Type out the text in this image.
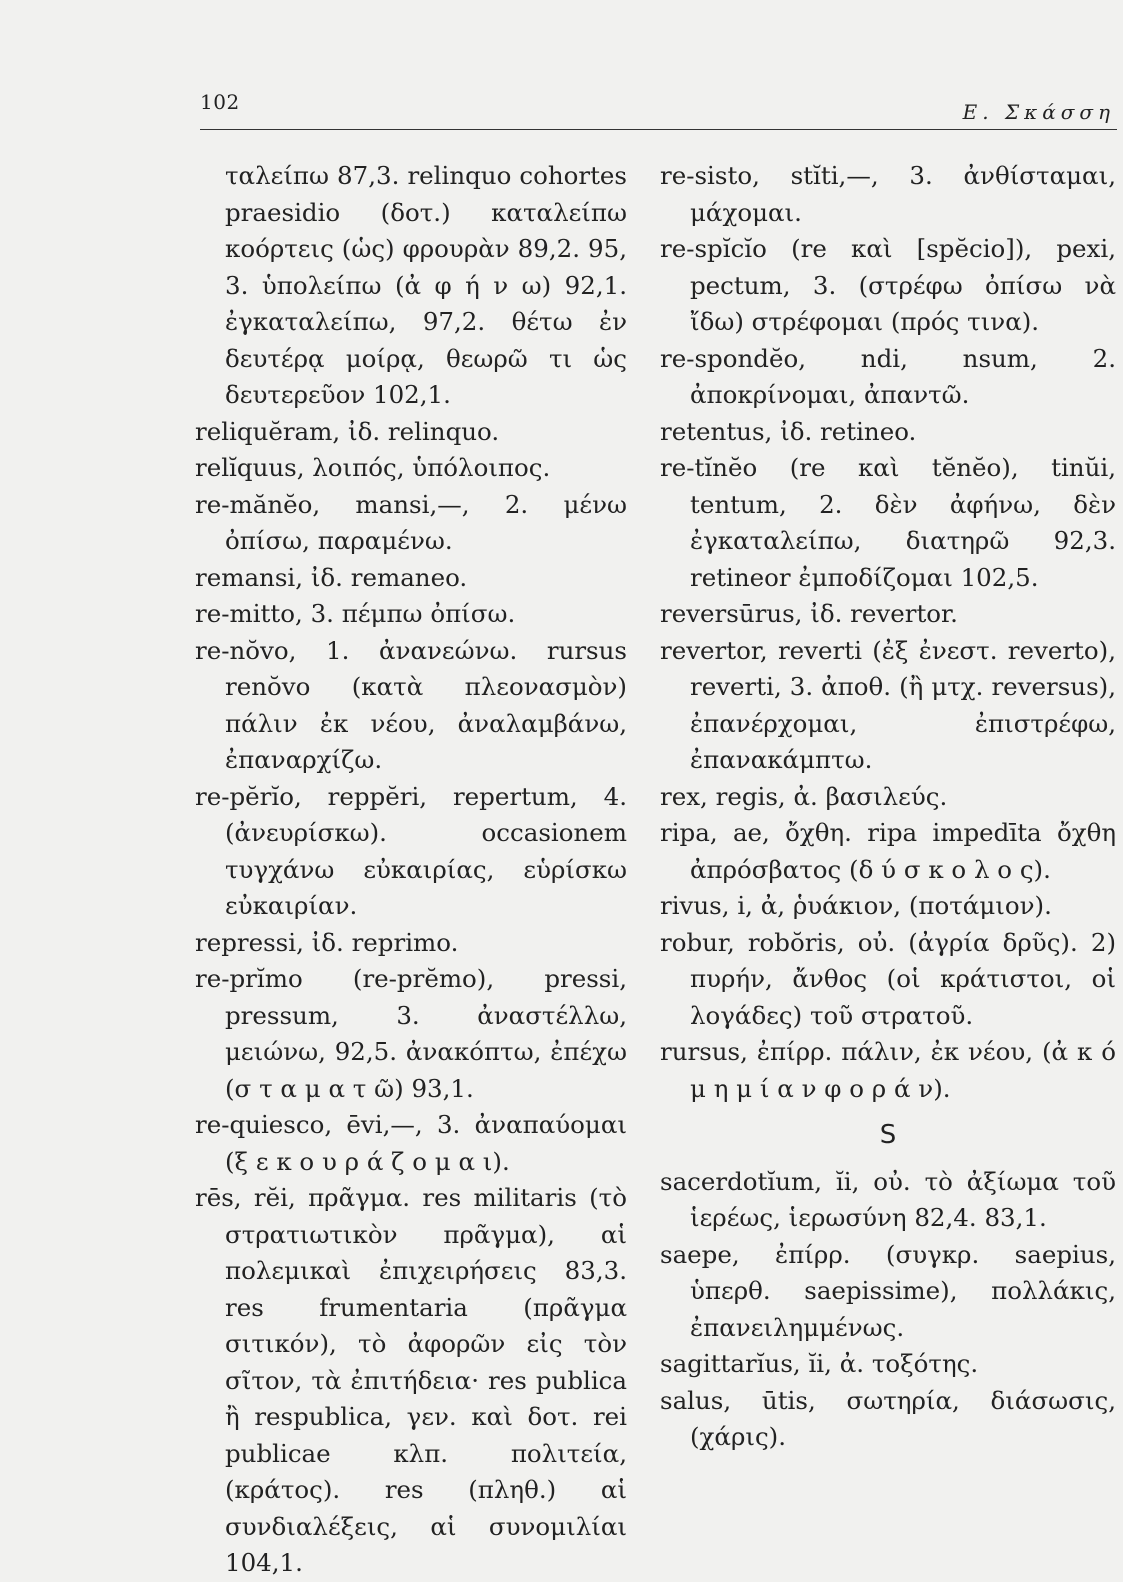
102	Ε. Σκάσση

ταλείπω 87,3. relinquo cohortes praesidio (δοτ.) καταλείπω κοόρτεις (ὡς) φρουρὰν 89,2. 95, 3. ὑπολείπω (ἀ φ ή ν ω) 92,1. ἐγκαταλείπω, 97,2. θέτω ἐν δευτέρᾳ μοίρᾳ, θεωρῶ τι ὡς δευτερεῦον 102,1.

reliquĕram, ἰδ. relinquo.

relĭquus, λοιπός, ὑπόλοιπος.

re-mănĕo, mansi,—, 2. μένω ὀπίσω, παραμένω.

remansi, ἰδ. remaneo.

re-mitto, 3. πέμπω ὀπίσω.

re-nŏvo, 1. ἀνανεώνω. rursus renŏvo (κατὰ πλεονασμὸν) πάλιν ἐκ νέου, ἀναλαμβάνω, ἐπαναρχίζω.

re-pĕrĭo, reppĕri, repertum, 4. (ἀνευρίσκω). occasionem τυγχάνω εὐκαιρίας, εὑρίσκω εὐκαιρίαν.

repressi, ἰδ. reprimo.

re-prĭmo (re-prĕmo), pressi, pressum, 3. ἀναστέλλω, μειώνω, 92,5. ἀνακόπτω, ἐπέχω (σ τ α μ α τ ῶ) 93,1.

re-quiesco, ēvi,—, 3. ἀναπαύομαι (ξ ε κ ο υ ρ ά ζ ο μ α ι).

rēs, rĕi, πρᾶγμα. res militaris (τὸ στρατιωτικὸν πρᾶγμα), αἱ πολεμικαὶ ἐπιχειρήσεις 83,3. res frumentaria (πρᾶγμα σιτικόν), τὸ ἀφορῶν εἰς τὸν σῖτον, τὰ ἐπιτήδεια· res publica ἢ respublica, γεν. καὶ δοτ. rei publicae κλπ. πολιτεία, (κράτος). res (πληθ.) αἱ συνδιαλέξεις, αἱ συνομιλίαι 104,1.

re-sisto, stĭti,—, 3. ἀνθίσταμαι, μάχομαι.

re-spĭcĭo (re καὶ [spĕcio]), pexi, pectum, 3. (στρέφω ὀπίσω νὰ ἴδω) στρέφομαι (πρός τινα).

re-spondĕo, ndi, nsum, 2. ἀποκρίνομαι, ἀπαντῶ.

retentus, ἰδ. retineo.

re-tĭnĕo (re καὶ tĕnĕo), tinŭi, tentum, 2. δὲν ἀφήνω, δὲν ἐγκαταλείπω, διατηρῶ 92,3. retineor ἐμποδίζομαι 102,5.

reversūrus, ἰδ. revertor.

revertor, reverti (ἐξ ἐνεστ. reverto), reverti, 3. ἀποθ. (ἢ μτχ. reversus), ἐπανέρχομαι, ἐπιστρέφω, ἐπανακάμπτω.

rex, regis, ἀ. βασιλεύς.

ripa, ae, ὄχθη. ripa impedīta ὄχθη ἀπρόσβατος (δ ύ σ κ ο λ ο ς).

rivus, i, ἀ, ῥυάκιον, (ποτάμιον).

robur, robŏris, οὐ. (ἀγρία δρῦς). 2) πυρήν, ἄνθος (οἱ κράτιστοι, οἱ λογάδες) τοῦ στρατοῦ.

rursus, ἐπίρρ. πάλιν, ἐκ νέου, (ἀ κ ό μ η μ ί α ν φ ο ρ ά ν).

S

sacerdotĭum, ĭi, οὐ. τὸ ἀξίωμα τοῦ ἱερέως, ἱερωσύνη 82,4. 83,1.

saepe, ἐπίρρ. (συγκρ. saepius, ὑπερθ. saepissime), πολλάκις, ἐπανειλημμένως.

sagittarĭus, ĭi, ἀ. τοξότης.

salus, ūtis, σωτηρία, διάσωσις, (χάρις).
